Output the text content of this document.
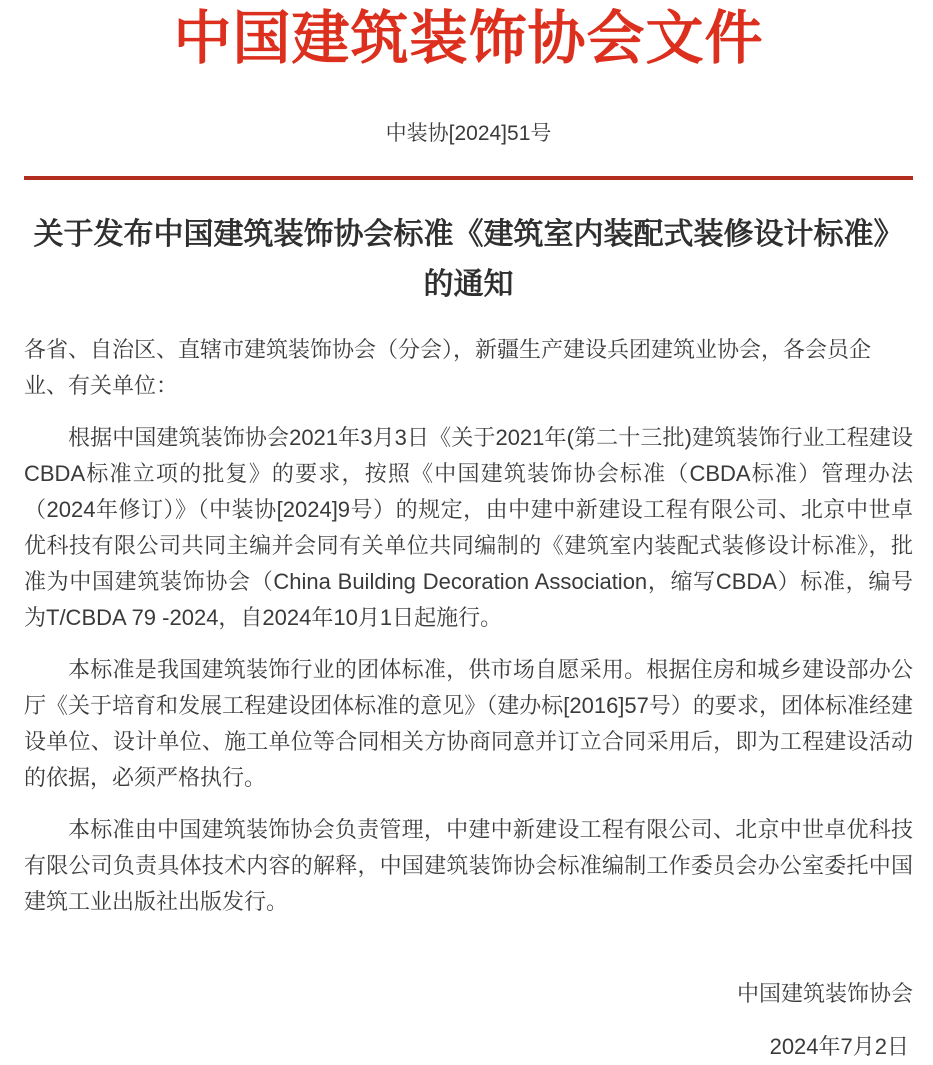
中国建筑装饰协会文件
中装协[2024]51号
关于发布中国建筑装饰协会标准《建筑室内装配式装修设计标准》的通知
各省、自治区、直辖市建筑装饰协会（分会），新疆生产建设兵团建筑业协会，各会员企业、有关单位：

根据中国建筑装饰协会2021年3月3日《关于2021年(第二十三批)建筑装饰行业工程建设CBDA标准立项的批复》的要求，按照《中国建筑装饰协会标准（CBDA标准）管理办法（2024年修订）》（中装协[2024]9号）的规定，由中建中新建设工程有限公司、北京中世卓优科技有限公司共同主编并会同有关单位共同编制的《建筑室内装配式装修设计标准》，批准为中国建筑装饰协会（China Building Decoration Association，缩写CBDA）标准，编号为T/CBDA 79 -2024，自2024年10月1日起施行。

本标准是我国建筑装饰行业的团体标准，供市场自愿采用。根据住房和城乡建设部办公厅《关于培育和发展工程建设团体标准的意见》（建办标[2016]57号）的要求，团体标准经建设单位、设计单位、施工单位等合同相关方协商同意并订立合同采用后，即为工程建设活动的依据，必须严格执行。

本标准由中国建筑装饰协会负责管理，中建中新建设工程有限公司、北京中世卓优科技有限公司负责具体技术内容的解释，中国建筑装饰协会标准编制工作委员会办公室委托中国建筑工业出版社出版发行。

中国建筑装饰协会
2024年7月2日
